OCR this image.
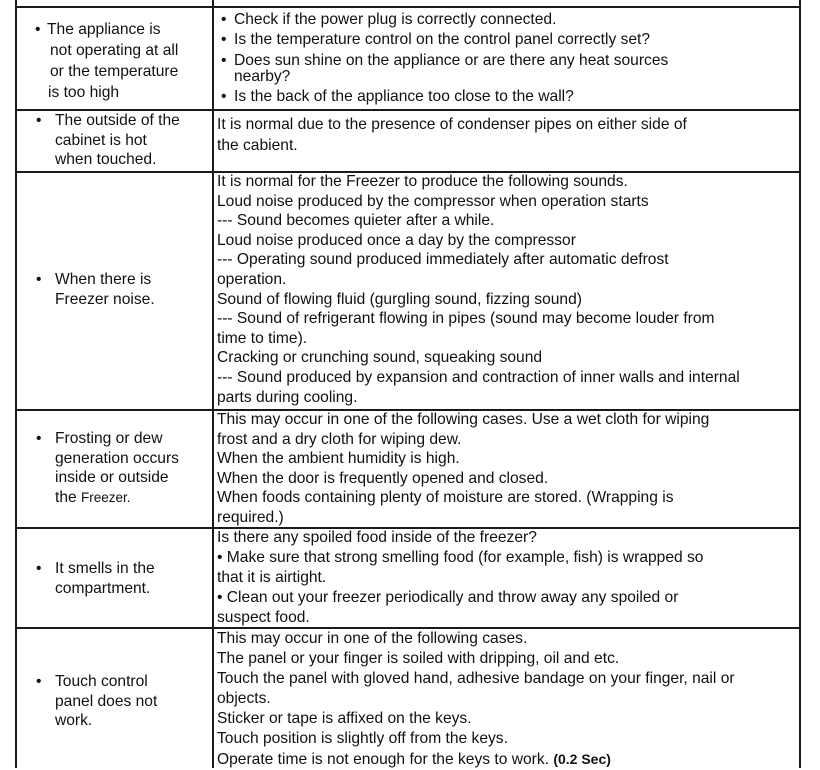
• The appliance is
not operating at all
or the temperature
is too high
• Check if the power plug is correctly connected.
• Is the temperature control on the control panel correctly set?
• Does sun shine on the appliance or are there any heat sources
nearby?
• Is the back of the appliance too close to the wall?
• The outside of the
cabinet is hot
when touched.

It is normal due to the presence of condenser pipes on either side of

the cabient.

• When there is
Freezer noise.

It is normal for the Freezer to produce the following sounds.

Loud noise produced by the compressor when operation starts

--- Sound becomes quieter after a while.

Loud noise produced once a day by the compressor

--- Operating sound produced immediately after automatic defrost

operation.

Sound of flowing fluid (gurgling sound, fizzing sound)

--- Sound of refrigerant flowing in pipes (sound may become louder from

time to time).

Cracking or crunching sound, squeaking sound

--- Sound produced by expansion and contraction of inner walls and internal

parts during cooling.

• Frosting or dew
generation occurs
inside or outside
the Freezer.

This may occur in one of the following cases. Use a wet cloth for wiping

frost and a dry cloth for wiping dew.

When the ambient humidity is high.

When the door is frequently opened and closed.

When foods containing plenty of moisture are stored. (Wrapping is

required.)

• It smells in the
compartment.

Is there any spoiled food inside of the freezer?

• Make sure that strong smelling food (for example, fish) is wrapped so

that it is airtight.

• Clean out your freezer periodically and throw away any spoiled or

suspect food.

• Touch control
panel does not
work.

This may occur in one of the following cases.

The panel or your finger is soiled with dripping, oil and etc.

Touch the panel with gloved hand, adhesive bandage on your finger, nail or

objects.

Sticker or tape is affixed on the keys.

Touch position is slightly off from the keys.

Operate time is not enough for the keys to work. (0.2 Sec)
